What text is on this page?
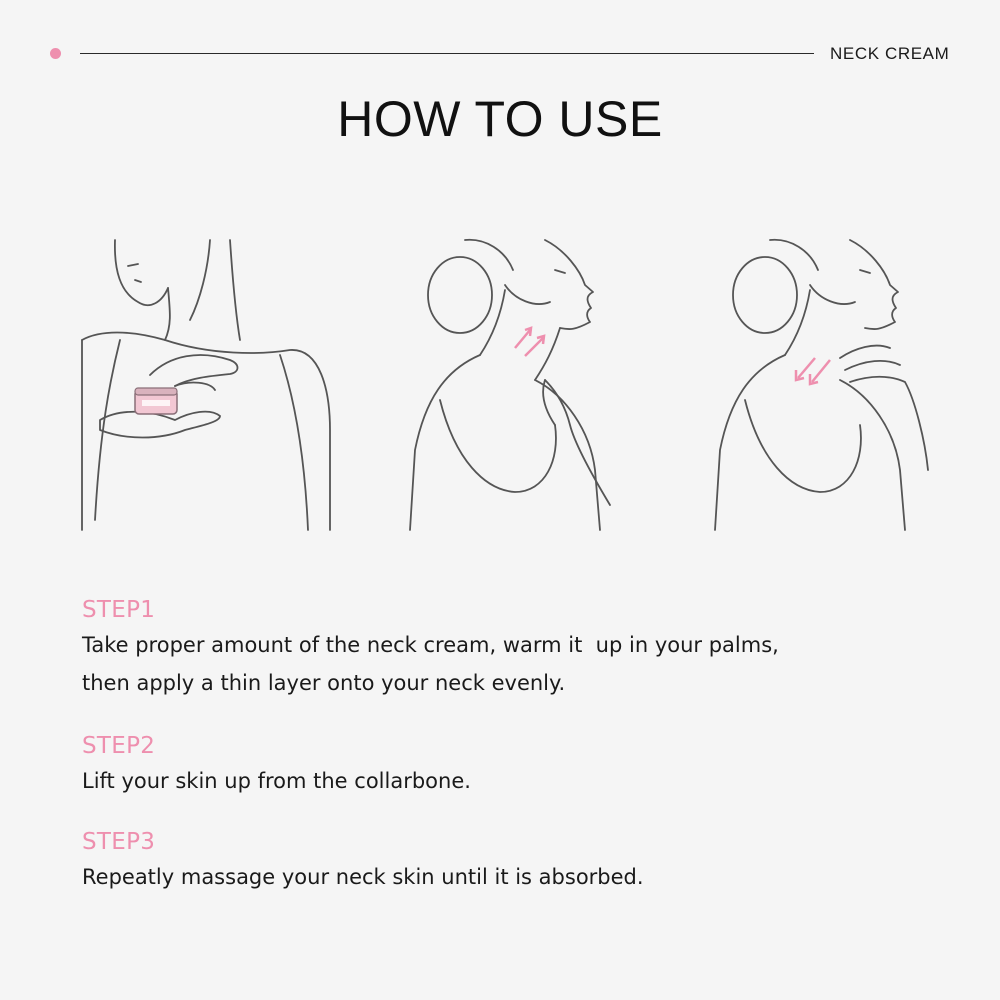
NECK CREAM
HOW TO USE
STEP1
Take proper amount of the neck cream, warm it  up in your palms,
then apply a thin layer onto your neck evenly.
STEP2
Lift your skin up from the collarbone.
STEP3
Repeatly massage your neck skin until it is absorbed.
